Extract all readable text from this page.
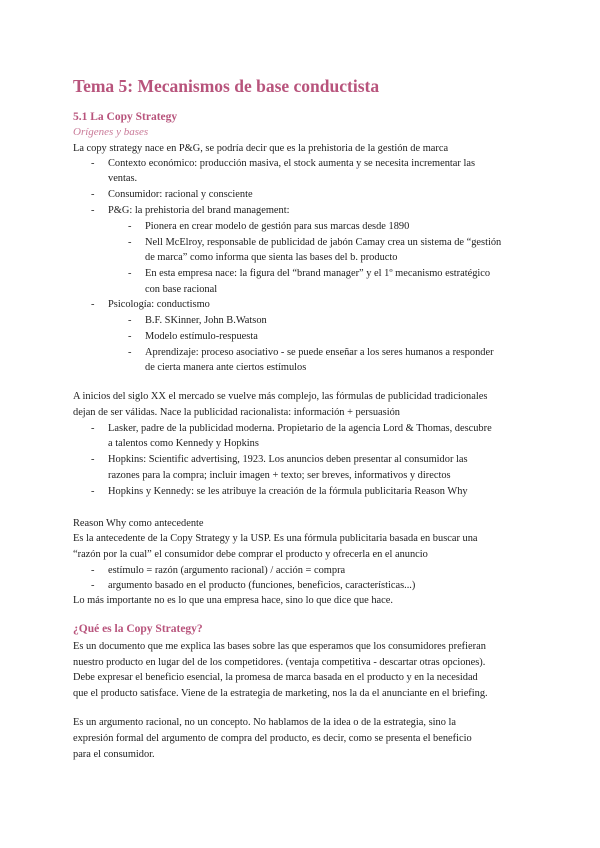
Tema 5: Mecanismos de base conductista
5.1 La Copy Strategy
Orígenes y bases
La copy strategy nace en P&G, se podría decir que es la prehistoria de la gestión de marca
- Contexto económico: producción masiva, el stock aumenta y se necesita incrementar las
ventas.
- Consumidor: racional y consciente
- P&G: la prehistoria del brand management:
- Pionera en crear modelo de gestión para sus marcas desde 1890
- Nell McElroy, responsable de publicidad de jabón Camay crea un sistema de “gestión
de marca” como informa que sienta las bases del b. producto
- En esta empresa nace: la figura del “brand manager” y el 1º mecanismo estratégico
con base racional
- Psicología: conductismo
- B.F. SKinner, John B.Watson
- Modelo estímulo-respuesta
- Aprendizaje: proceso asociativo - se puede enseñar a los seres humanos a responder
de cierta manera ante ciertos estímulos
A inicios del siglo XX el mercado se vuelve más complejo, las fórmulas de publicidad tradicionales
dejan de ser válidas. Nace la publicidad racionalista: información + persuasión
- Lasker, padre de la publicidad moderna. Propietario de la agencia Lord & Thomas, descubre
a talentos como Kennedy y Hopkins
- Hopkins: Scientific advertising, 1923. Los anuncios deben presentar al consumidor las
razones para la compra; incluir imagen + texto; ser breves, informativos y directos
- Hopkins y Kennedy: se les atribuye la creación de la fórmula publicitaria Reason Why
Reason Why como antecedente
Es la antecedente de la Copy Strategy y la USP. Es una fórmula publicitaria basada en buscar una
“razón por la cual” el consumidor debe comprar el producto y ofrecerla en el anuncio
- estímulo = razón (argumento racional) / acción = compra
- argumento basado en el producto (funciones, beneficios, características...)
Lo más importante no es lo que una empresa hace, sino lo que dice que hace.
¿Qué es la Copy Strategy?
Es un documento que me explica las bases sobre las que esperamos que los consumidores prefieran
nuestro producto en lugar del de los competidores. (ventaja competitiva - descartar otras opciones).
Debe expresar el beneficio esencial, la promesa de marca basada en el producto y en la necesidad
que el producto satisface. Viene de la estrategia de marketing, nos la da el anunciante en el briefing.
Es un argumento racional, no un concepto. No hablamos de la idea o de la estrategia, sino la
expresión formal del argumento de compra del producto, es decir, como se presenta el beneficio
para el consumidor.
